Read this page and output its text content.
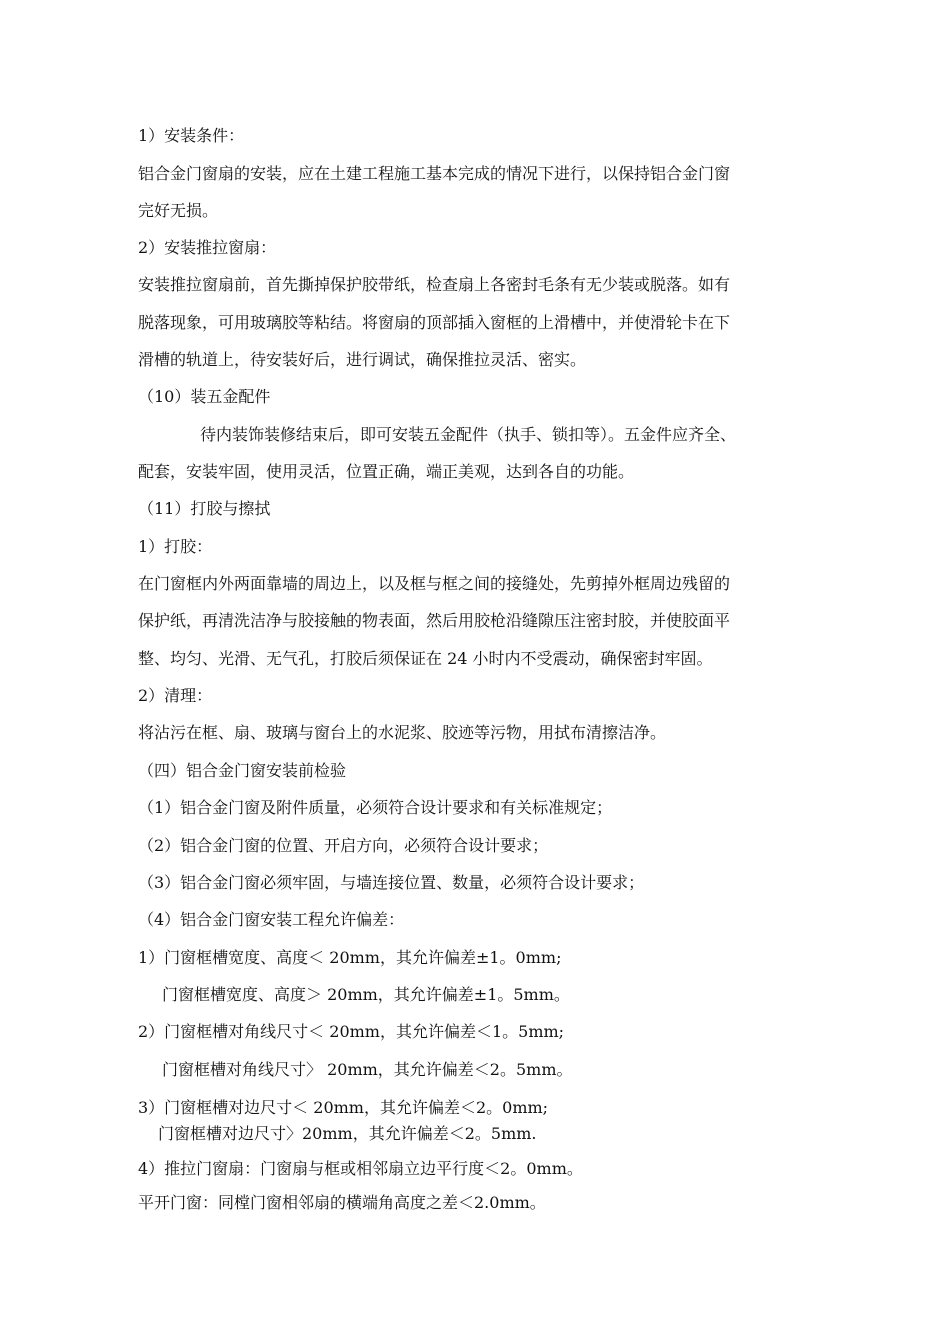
1）安装条件：
铝合金门窗扇的安装，应在土建工程施工基本完成的情况下进行，以保持铝合金门窗
完好无损。
2）安装推拉窗扇：
安装推拉窗扇前，首先撕掉保护胶带纸，检查扇上各密封毛条有无少装或脱落。如有
脱落现象，可用玻璃胶等粘结。将窗扇的顶部插入窗框的上滑槽中，并使滑轮卡在下
滑槽的轨道上，待安装好后，进行调试，确保推拉灵活、密实。
（10）装五金配件
待内装饰装修结束后，即可安装五金配件（执手、锁扣等）。五金件应齐全、
配套，安装牢固，使用灵活，位置正确，端正美观，达到各自的功能。
（11）打胶与擦拭
1）打胶：
在门窗框内外两面靠墙的周边上，以及框与框之间的接缝处，先剪掉外框周边残留的
保护纸，再清洗洁净与胶接触的物表面，然后用胶枪沿缝隙压注密封胶，并使胶面平
整、均匀、光滑、无气孔，打胶后须保证在 24 小时内不受震动，确保密封牢固。
2）清理：
将沾污在框、扇、玻璃与窗台上的水泥浆、胶迹等污物，用拭布清擦洁净。
（四）铝合金门窗安装前检验
（1）铝合金门窗及附件质量，必须符合设计要求和有关标准规定；
（2）铝合金门窗的位置、开启方向，必须符合设计要求；
（3）铝合金门窗必须牢固，与墙连接位置、数量，必须符合设计要求；
（4）铝合金门窗安装工程允许偏差：
1）门窗框槽宽度、高度＜ 20mm，其允许偏差±1。0mm;
门窗框槽宽度、高度＞ 20mm，其允许偏差±1。5mm。
2）门窗框槽对角线尺寸＜ 20mm，其允许偏差＜1。5mm;
门窗框槽对角线尺寸〉 20mm，其允许偏差＜2。5mm。
3）门窗框槽对边尺寸＜ 20mm，其允许偏差＜2。0mm;
门窗框槽对边尺寸〉20mm，其允许偏差＜2。5mm.
4）推拉门窗扇：门窗扇与框或相邻扇立边平行度＜2。0mm。
平开门窗：同樘门窗相邻扇的横端角高度之差＜2.0mm。
